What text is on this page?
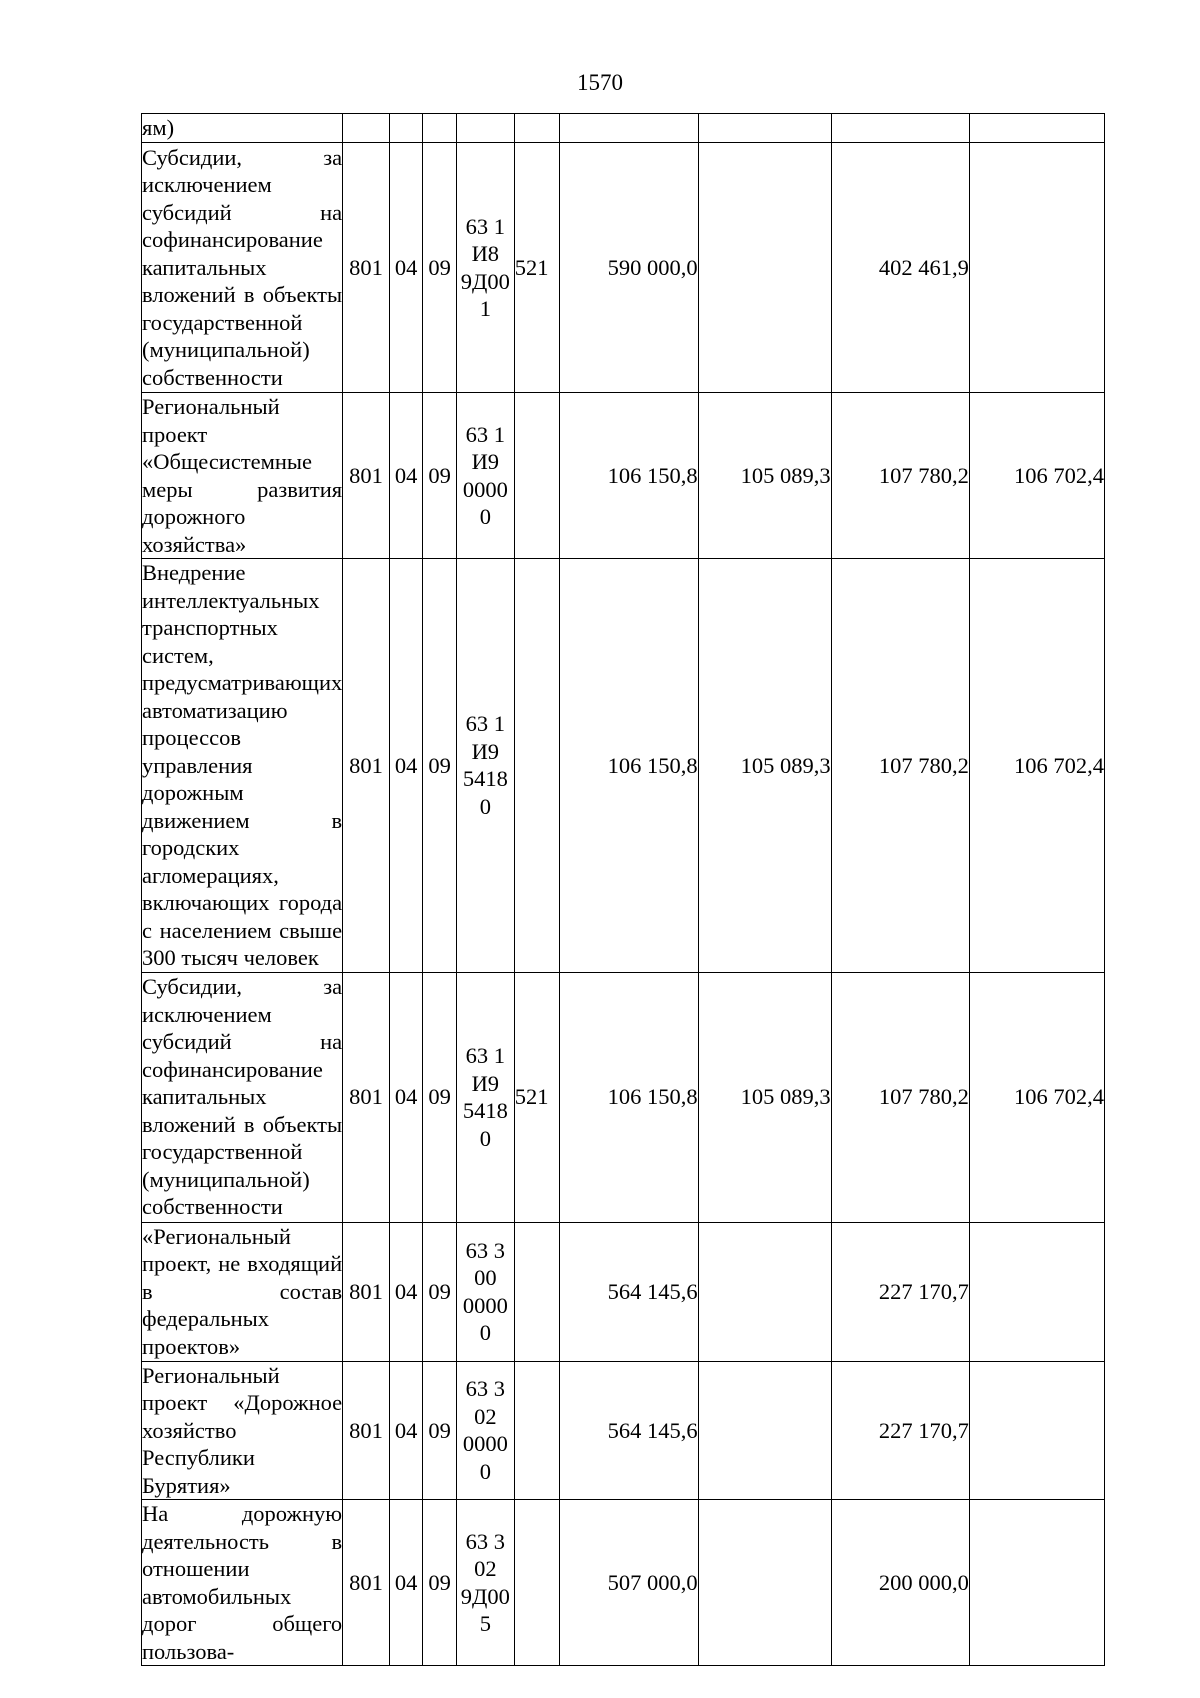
1570
ям)									

Субсидии, за исключением субсидий на софинансирование капитальных вложений в объекты государственной (муниципальной) собственности	801	04	09	63 1 И8 9Д00 1	521	590 000,0		402 461,9	

Региональный проект «Общесистемные меры развития дорожного хозяйства»	801	04	09	63 1 И9 0000 0		106 150,8	105 089,3	107 780,2	106 702,4

Внедрение интеллектуальных транспортных систем, предусматривающих автоматизацию процессов управления дорожным движением в городских агломерациях, включающих города с населением свыше 300 тысяч человек	801	04	09	63 1 И9 5418 0		106 150,8	105 089,3	107 780,2	106 702,4

Субсидии, за исключением субсидий на софинансирование капитальных вложений в объекты государственной (муниципальной) собственности	801	04	09	63 1 И9 5418 0	521	106 150,8	105 089,3	107 780,2	106 702,4

«Региональный проект, не входящий в состав федеральных проектов»	801	04	09	63 3 00 0000 0		564 145,6		227 170,7	

Региональный проект «Дорожное хозяйство Республики Бурятия»	801	04	09	63 3 02 0000 0		564 145,6		227 170,7	

На дорожную деятельность в отношении автомобильных дорог общего пользова-	801	04	09	63 3 02 9Д00 5		507 000,0		200 000,0	
